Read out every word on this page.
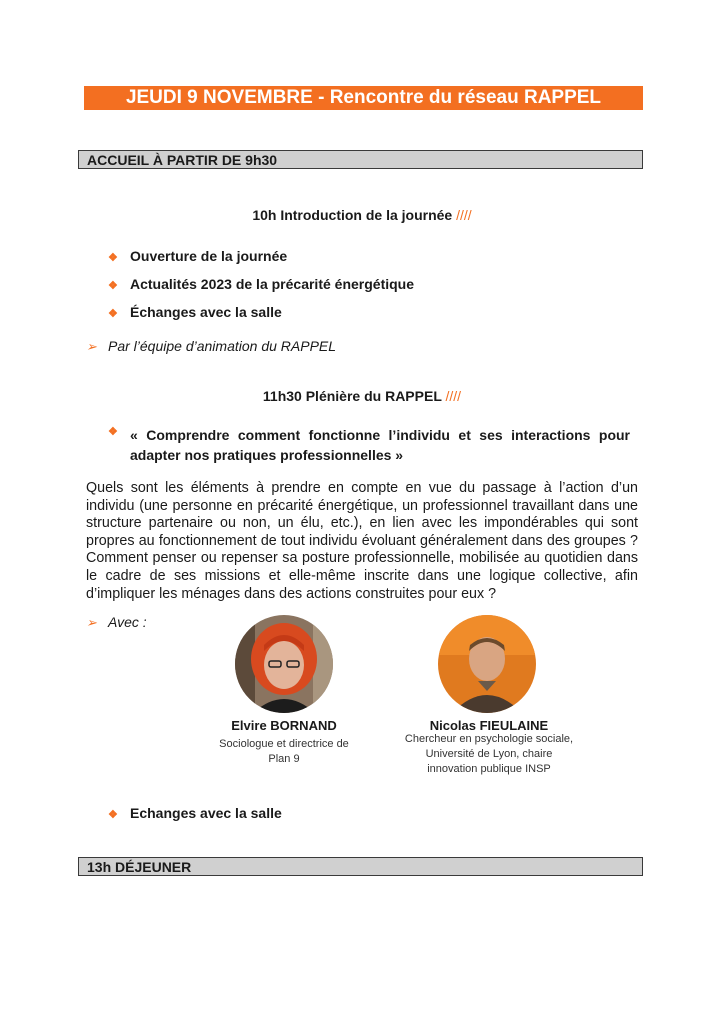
JEUDI 9 NOVEMBRE - Rencontre du réseau RAPPEL
ACCUEIL À PARTIR DE 9h30
10h Introduction de la journée ////
❖ Ouverture de la journée
❖ Actualités 2023 de la précarité énergétique
❖ Échanges avec la salle
➢ Par l’équipe d’animation du RAPPEL
11h30 Plénière du RAPPEL ////
❖ « Comprendre comment fonctionne l’individu et ses interactions pour
adapter nos pratiques professionnelles »
Quels sont les éléments à prendre en compte en vue du passage à l’action d’un individu (une personne en précarité énergétique, un professionnel travaillant dans une structure partenaire ou non, un élu, etc.), en lien avec les impondérables qui sont propres au fonctionnement de tout individu évoluant généralement dans des groupes ? Comment penser ou repenser sa posture professionnelle, mobilisée au quotidien dans le cadre de ses missions et elle-même inscrite dans une logique collective, afin d’impliquer les ménages dans des actions construites pour eux ?
➢ Avec :
Elvire BORNAND
Sociologue et directrice de
Plan 9
Nicolas FIEULAINE
Chercheur en psychologie sociale,
Université de Lyon, chaire
innovation publique INSP
❖ Echanges avec la salle
13h DÉJEUNER
